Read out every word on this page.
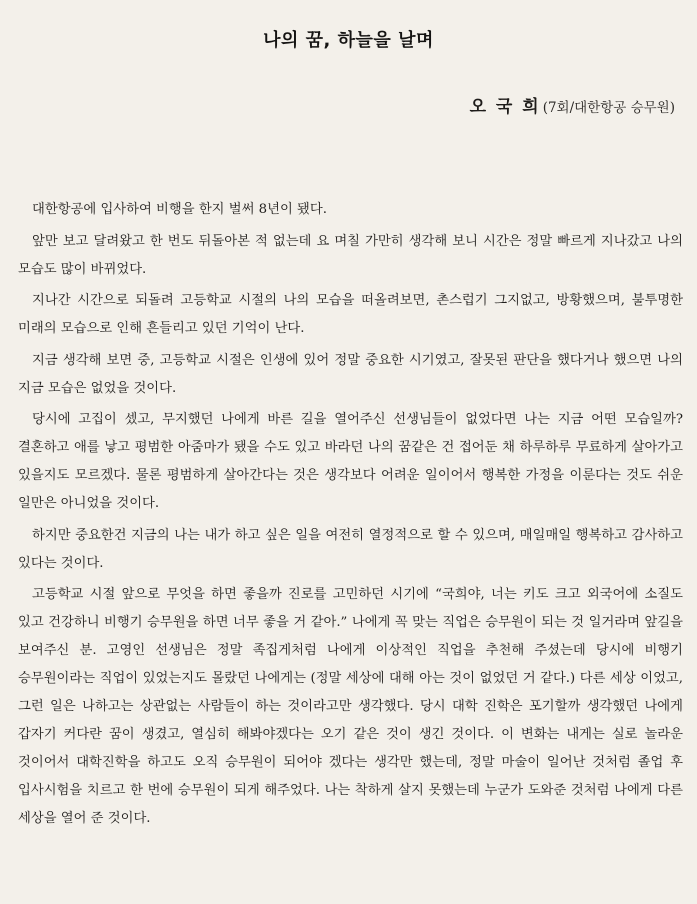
나의 꿈, 하늘을 날며
오 국 희 (7회/대한항공 승무원)

대한항공에 입사하여 비행을 한지 벌써 8년이 됐다.

앞만 보고 달려왔고 한 번도 뒤돌아본 적 없는데 요 며칠 가만히 생각해 보니 시간은 정말 빠르게 지나갔고 나의 모습도 많이 바뀌었다.

지나간 시간으로 되돌려 고등학교 시절의 나의 모습을 떠올려보면, 촌스럽기 그지없고, 방황했으며, 불투명한 미래의 모습으로 인해 흔들리고 있던 기억이 난다.

지금 생각해 보면 중, 고등학교 시절은 인생에 있어 정말 중요한 시기였고, 잘못된 판단을 했다거나 했으면 나의 지금 모습은 없었을 것이다.

당시에 고집이 셌고, 무지했던 나에게 바른 길을 열어주신 선생님들이 없었다면 나는 지금 어떤 모습일까? 결혼하고 애를 낳고 평범한 아줌마가 됐을 수도 있고 바라던 나의 꿈같은 건 접어둔 채 하루하루 무료하게 살아가고 있을지도 모르겠다. 물론 평범하게 살아간다는 것은 생각보다 어려운 일이어서 행복한 가정을 이룬다는 것도 쉬운 일만은 아니었을 것이다.

하지만 중요한건 지금의 나는 내가 하고 싶은 일을 여전히 열정적으로 할 수 있으며, 매일매일 행복하고 감사하고 있다는 것이다.

고등학교 시절 앞으로 무엇을 하면 좋을까 진로를 고민하던 시기에 “국희야, 너는 키도 크고 외국어에 소질도 있고 건강하니 비행기 승무원을 하면 너무 좋을 거 같아.” 나에게 꼭 맞는 직업은 승무원이 되는 것 일거라며 앞길을 보여주신 분. 고영인 선생님은 정말 족집게처럼 나에게 이상적인 직업을 추천해 주셨는데 당시에 비행기 승무원이라는 직업이 있었는지도 몰랐던 나에게는 (정말 세상에 대해 아는 것이 없었던 거 같다.) 다른 세상 이었고, 그런 일은 나하고는 상관없는 사람들이 하는 것이라고만 생각했다. 당시 대학 진학은 포기할까 생각했던 나에게 갑자기 커다란 꿈이 생겼고, 열심히 해봐야겠다는 오기 같은 것이 생긴 것이다. 이 변화는 내게는 실로 놀라운 것이어서 대학진학을 하고도 오직 승무원이 되어야 겠다는 생각만 했는데, 정말 마술이 일어난 것처럼 졸업 후 입사시험을 치르고 한 번에 승무원이 되게 해주었다. 나는 착하게 살지 못했는데 누군가 도와준 것처럼 나에게 다른 세상을 열어 준 것이다.
